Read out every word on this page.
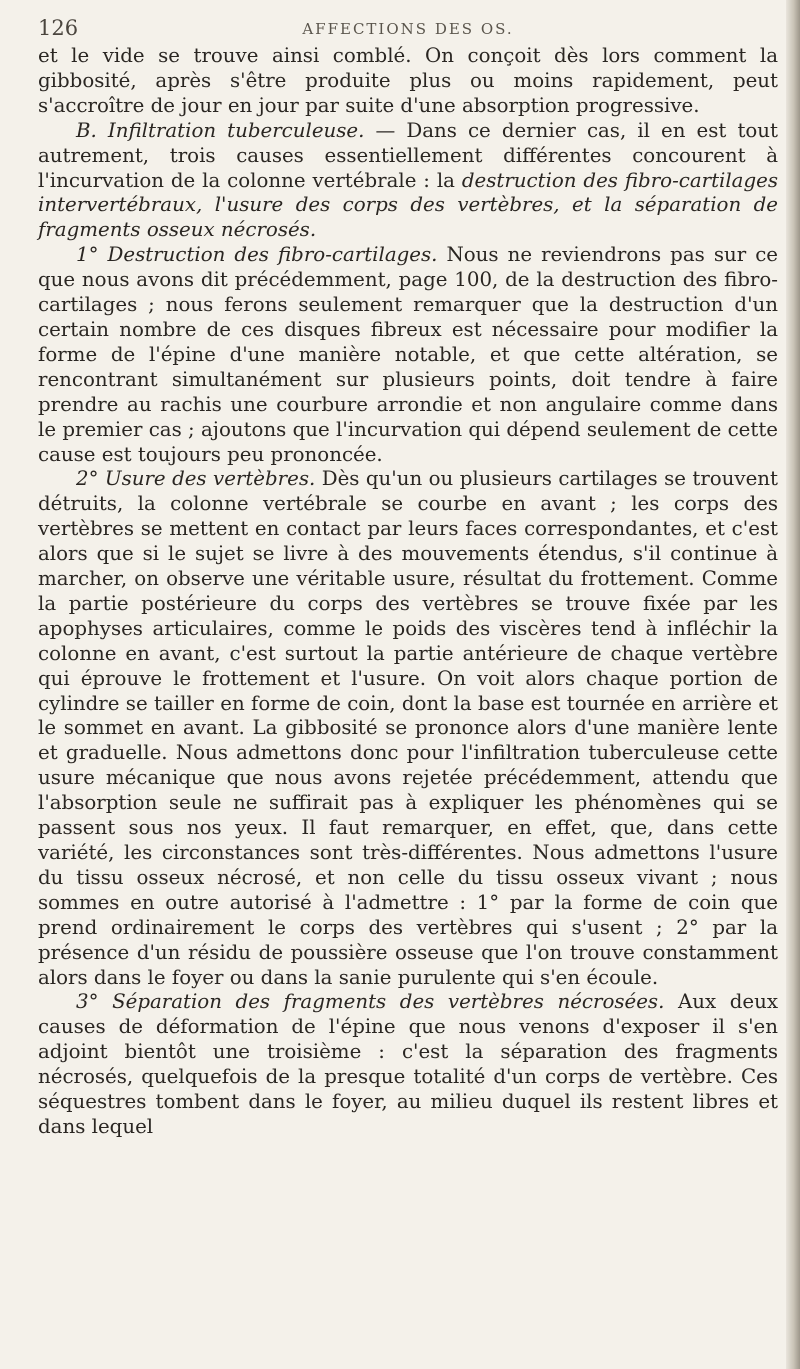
126	AFFECTIONS DES OS.

et le vide se trouve ainsi comblé. On conçoit dès lors comment la gibbosité, après s'être produite plus ou moins rapidement, peut s'accroître de jour en jour par suite d'une absorption progressive.

B. Infiltration tuberculeuse. — Dans ce dernier cas, il en est tout autrement, trois causes essentiellement différentes concourent à l'incurvation de la colonne vertébrale : la destruction des fibro-cartilages intervertébraux, l'usure des corps des vertèbres, et la séparation de fragments osseux nécrosés.

1° Destruction des fibro-cartilages. Nous ne reviendrons pas sur ce que nous avons dit précédemment, page 100, de la destruction des fibro-cartilages ; nous ferons seulement remarquer que la destruction d'un certain nombre de ces disques fibreux est nécessaire pour modifier la forme de l'épine d'une manière notable, et que cette altération, se rencontrant simultanément sur plusieurs points, doit tendre à faire prendre au rachis une courbure arrondie et non angulaire comme dans le premier cas ; ajoutons que l'incurvation qui dépend seulement de cette cause est toujours peu prononcée.

2° Usure des vertèbres. Dès qu'un ou plusieurs cartilages se trouvent détruits, la colonne vertébrale se courbe en avant ; les corps des vertèbres se mettent en contact par leurs faces correspondantes, et c'est alors que si le sujet se livre à des mouvements étendus, s'il continue à marcher, on observe une véritable usure, résultat du frottement. Comme la partie postérieure du corps des vertèbres se trouve fixée par les apophyses articulaires, comme le poids des viscères tend à infléchir la colonne en avant, c'est surtout la partie antérieure de chaque vertèbre qui éprouve le frottement et l'usure. On voit alors chaque portion de cylindre se tailler en forme de coin, dont la base est tournée en arrière et le sommet en avant. La gibbosité se prononce alors d'une manière lente et graduelle. Nous admettons donc pour l'infiltration tuberculeuse cette usure mécanique que nous avons rejetée précédemment, attendu que l'absorption seule ne suffirait pas à expliquer les phénomènes qui se passent sous nos yeux. Il faut remarquer, en effet, que, dans cette variété, les circonstances sont très-différentes. Nous admettons l'usure du tissu osseux nécrosé, et non celle du tissu osseux vivant ; nous sommes en outre autorisé à l'admettre : 1° par la forme de coin que prend ordinairement le corps des vertèbres qui s'usent ; 2° par la présence d'un résidu de poussière osseuse que l'on trouve constamment alors dans le foyer ou dans la sanie purulente qui s'en écoule.

3° Séparation des fragments des vertèbres nécrosées. Aux deux causes de déformation de l'épine que nous venons d'exposer il s'en adjoint bientôt une troisième : c'est la séparation des fragments nécrosés, quelquefois de la presque totalité d'un corps de vertèbre. Ces séquestres tombent dans le foyer, au milieu duquel ils restent libres et dans lequel
